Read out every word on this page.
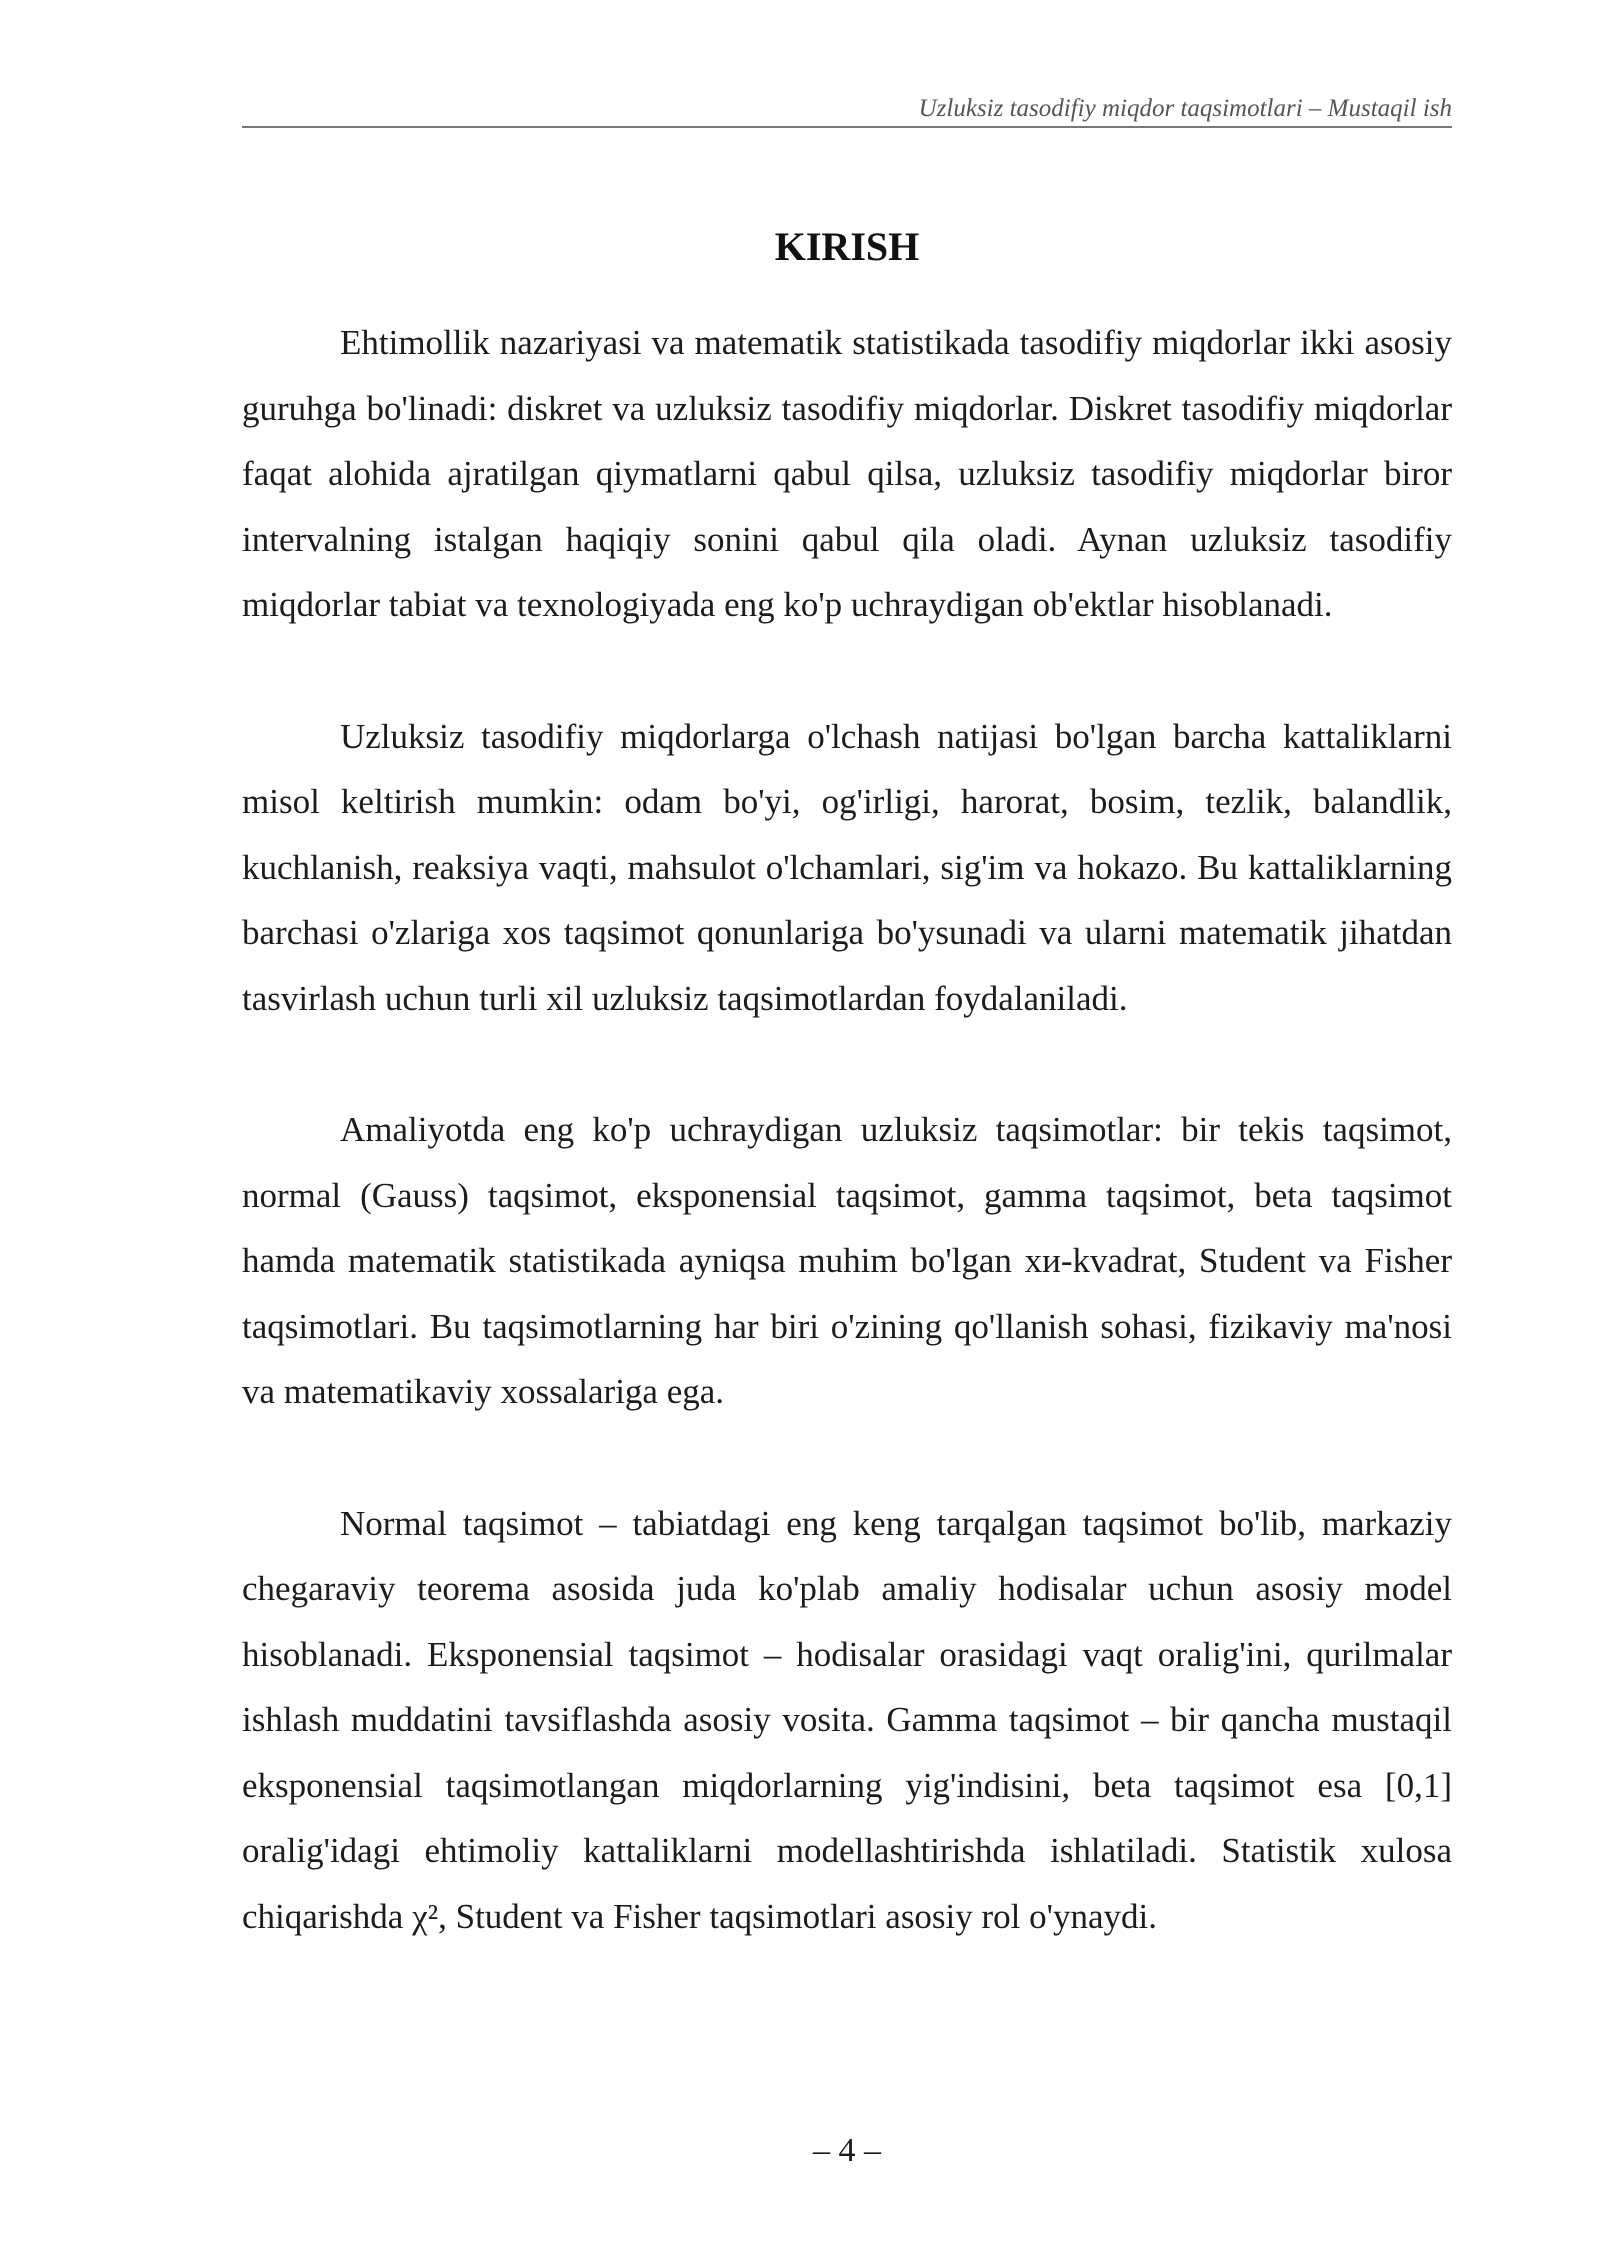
Uzluksiz tasodifiy miqdor taqsimotlari – Mustaqil ish
KIRISH

Ehtimollik nazariyasi va matematik statistikada tasodifiy miqdorlar ikki asosiy guruhga bo'linadi: diskret va uzluksiz tasodifiy miqdorlar. Diskret tasodifiy miqdorlar faqat alohida ajratilgan qiymatlarni qabul qilsa, uzluksiz tasodifiy miqdorlar biror intervalning istalgan haqiqiy sonini qabul qila oladi. Aynan uzluksiz tasodifiy miqdorlar tabiat va texnologiyada eng ko'p uchraydigan ob'ektlar hisoblanadi.

Uzluksiz tasodifiy miqdorlarga o'lchash natijasi bo'lgan barcha kattaliklarni misol keltirish mumkin: odam bo'yi, og'irligi, harorat, bosim, tezlik, balandlik, kuchlanish, reaksiya vaqti, mahsulot o'lchamlari, sig'im va hokazo. Bu kattaliklarning barchasi o'zlariga xos taqsimot qonunlariga bo'ysunadi va ularni matematik jihatdan tasvirlash uchun turli xil uzluksiz taqsimotlardan foydalaniladi.

Amaliyotda eng ko'p uchraydigan uzluksiz taqsimotlar: bir tekis taqsimot, normal (Gauss) taqsimot, eksponensial taqsimot, gamma taqsimot, beta taqsimot hamda matematik statistikada ayniqsa muhim bo'lgan хи-kvadrat, Student va Fisher taqsimotlari. Bu taqsimotlarning har biri o'zining qo'llanish sohasi, fizikaviy ma'nosi va matematikaviy xossalariga ega.

Normal taqsimot – tabiatdagi eng keng tarqalgan taqsimot bo'lib, markaziy chegaraviy teorema asosida juda ko'plab amaliy hodisalar uchun asosiy model hisoblanadi. Eksponensial taqsimot – hodisalar orasidagi vaqt oralig'ini, qurilmalar ishlash muddatini tavsiflashda asosiy vosita. Gamma taqsimot – bir qancha mustaqil eksponensial taqsimotlangan miqdorlarning yig'indisini, beta taqsimot esa [0,1] oralig'idagi ehtimoliy kattaliklarni modellashtirishda ishlatiladi. Statistik xulosa chiqarishda χ², Student va Fisher taqsimotlari asosiy rol o'ynaydi.

– 4 –
